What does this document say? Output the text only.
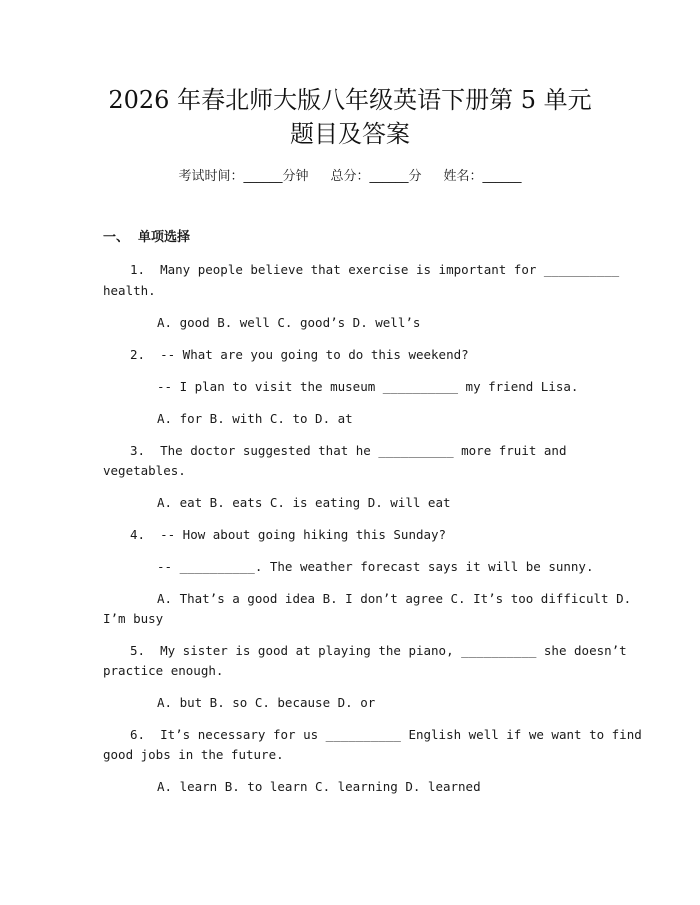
2026 年春北师大版八年级英语下册第 5 单元
题目及答案
考试时间：______分钟 总分：______分 姓名：______
一、  单项选择
1.  Many people believe that exercise is important for __________
health.
A. good B. well C. good’s D. well’s
2.  -- What are you going to do this weekend?
-- I plan to visit the museum __________ my friend Lisa.
A. for B. with C. to D. at
3.  The doctor suggested that he __________ more fruit and
vegetables.
A. eat B. eats C. is eating D. will eat
4.  -- How about going hiking this Sunday?
-- __________. The weather forecast says it will be sunny.
A. That’s a good idea B. I don’t agree C. It’s too difficult D.
I’m busy
5.  My sister is good at playing the piano, __________ she doesn’t
practice enough.
A. but B. so C. because D. or
6.  It’s necessary for us __________ English well if we want to find
good jobs in the future.
A. learn B. to learn C. learning D. learned
